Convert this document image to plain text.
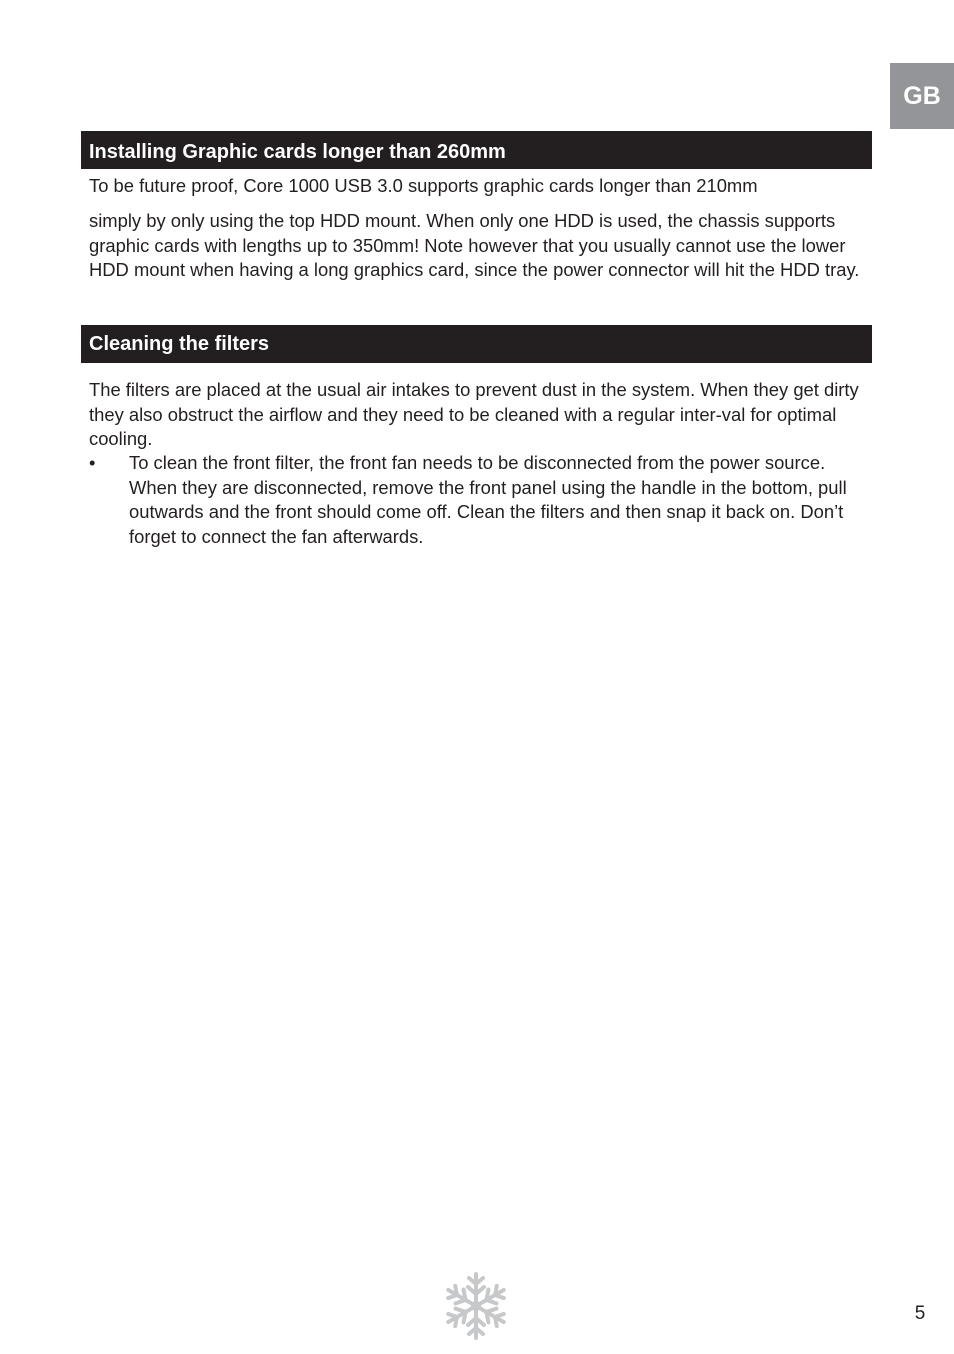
GB
Installing Graphic cards longer than 260mm

To be future proof, Core 1000 USB 3.0 supports graphic cards longer than 210mm

simply by only using the top HDD mount. When only one HDD is used, the chassis supports graphic cards with lengths up to 350mm! Note however that you usually cannot use the lower HDD mount when having a long graphics card, since the power connector will hit the HDD tray.

Cleaning the filters

The filters are placed at the usual air intakes to prevent dust in the system. When they get dirty they also obstruct the airflow and they need to be cleaned with a regular inter-val for optimal cooling.

• To clean the front filter, the front fan needs to be disconnected from the power source. When they are disconnected, remove the front panel using the handle in the bottom, pull outwards and the front should come off. Clean the filters and then snap it back on. Don’t forget to connect the fan afterwards.
5
